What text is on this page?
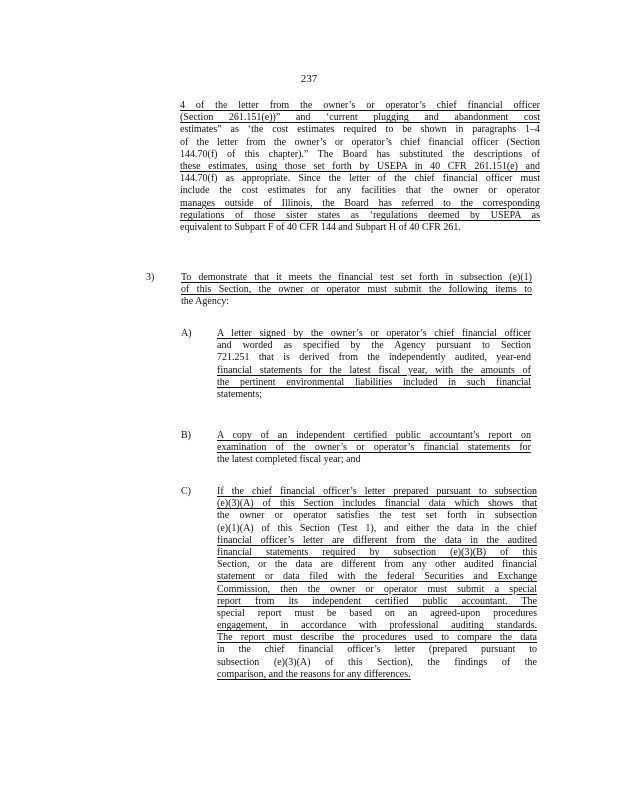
237
4 of the letter from the owner’s or operator’s chief financial officer
(Section 261.151(e))” and ‘current plugging and abandonment cost
estimates” as ‘the cost estimates required to be shown in paragraphs 1–4
of the letter from the owner’s or operator’s chief financial officer (Section
144.70(f) of this chapter).” The Board has substituted the descriptions of
these estimates, using those set forth by USEPA in 40 CFR 261.151(e) and
144.70(f) as appropriate. Since the letter of the chief financial officer must
include the cost estimates for any facilities that the owner or operator
manages outside of Illinois, the Board has referred to the corresponding
regulations of those sister states as ‘regulations deemed by USEPA as
equivalent to Subpart F of 40 CFR 144 and Subpart H of 40 CFR 261.
3)	To demonstrate that it meets the financial test set forth in subsection (e)(1)
of this Section, the owner or operator must submit the following items to
the Agency:
A)	A letter signed by the owner’s or operator’s chief financial officer
and worded as specified by the Agency pursuant to Section
721.251 that is derived from the independently audited, year-end
financial statements for the latest fiscal year, with the amounts of
the pertinent environmental liabilities included in such financial
statements;
B)	A copy of an independent certified public accountant’s report on
examination of the owner’s or operator’s financial statements for
the latest completed fiscal year; and
C)	If the chief financial officer’s letter prepared pursuant to subsection
(e)(3)(A) of this Section includes financial data which shows that
the owner or operator satisfies the test set forth in subsection
(e)(1)(A) of this Section (Test 1), and either the data in the chief
financial officer’s letter are different from the data in the audited
financial statements required by subsection (e)(3)(B) of this
Section, or the data are different from any other audited financial
statement or data filed with the federal Securities and Exchange
Commission, then the owner or operator must submit a special
report from its independent certified public accountant. The
special report must be based on an agreed-upon procedures
engagement, in accordance with professional auditing standards.
The report must describe the procedures used to compare the data
in the chief financial officer’s letter (prepared pursuant to
subsection (e)(3)(A) of this Section), the findings of the
comparison, and the reasons for any differences.
